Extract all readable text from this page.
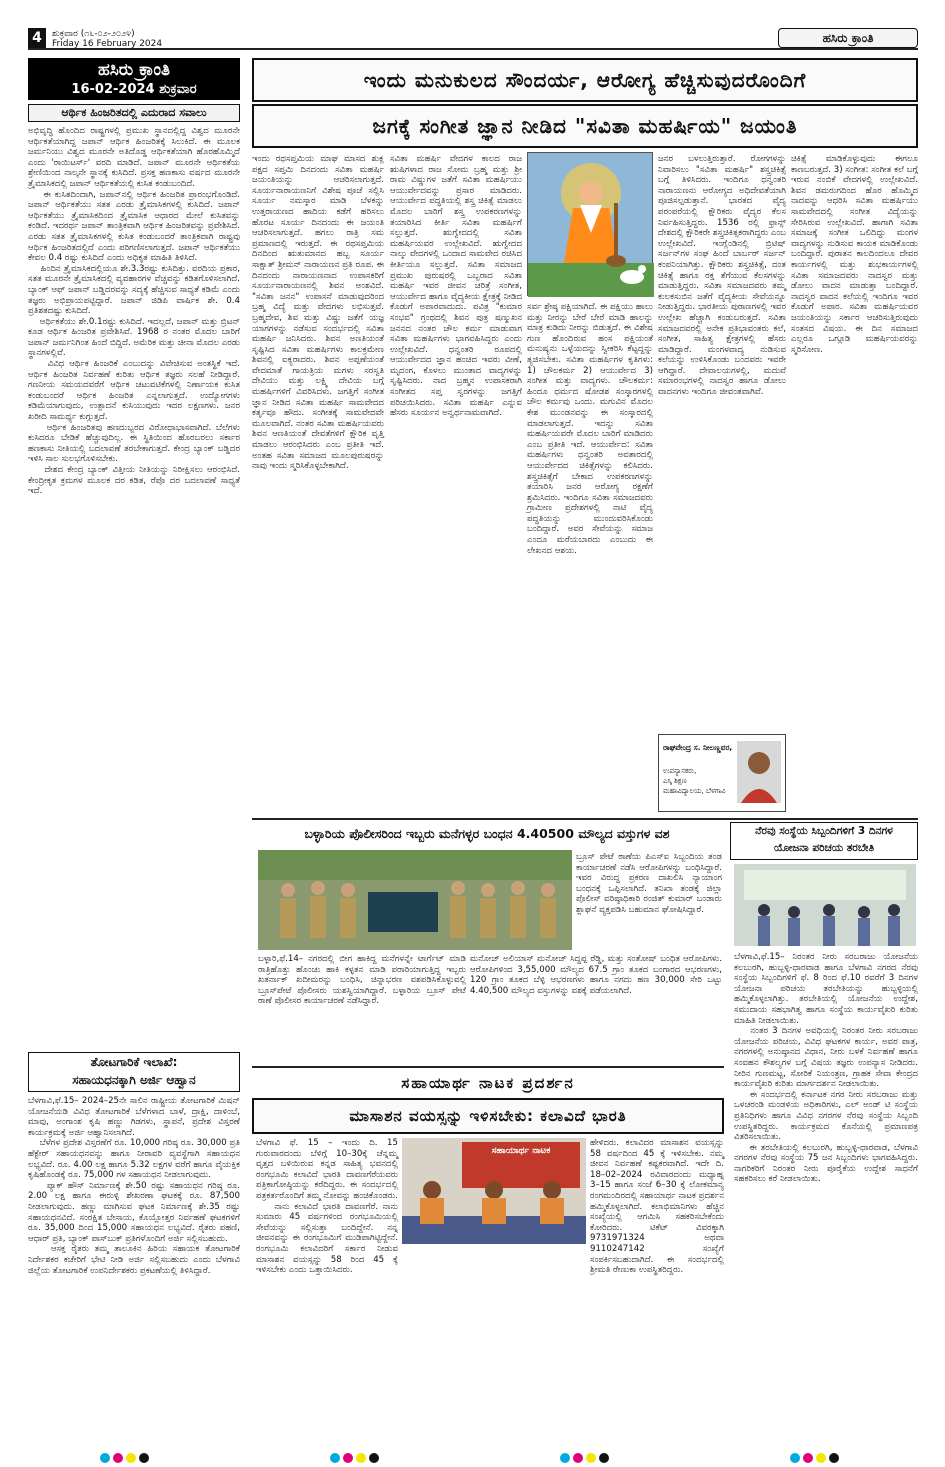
4	ಶುಕ್ರವಾರ (೧೬-೦೨-೨೦೨೪)
Friday 16 February 2024	ಹಸಿರು ಕ್ರಾಂತಿ
ಹಸಿರು ಕ್ರಾಂತಿ
16-02-2024 ಶುಕ್ರವಾರ
ಆರ್ಥಿಕ ಹಿಂಜರಿತದಲ್ಲಿ ಎದುರಾದ ಸವಾಲು
ಅಭಿವೃದ್ಧಿ ಹೊಂದಿದ ರಾಷ್ಟ್ರಗಳಲ್ಲಿ ಪ್ರಮುಖ ಸ್ಥಾನದಲ್ಲಿದ್ದ ವಿಶ್ವದ ಮೂರನೇ ಆರ್ಥಿಕತೆಯಾಗಿದ್ದ ಜಪಾನ್ ಆರ್ಥಿಕ ಹಿಂಜರಿತಕ್ಕೆ ಸಿಲುಕಿದೆ. ಈ ಮೂಲಕ ಜರ್ಮನಿಯು ವಿಶ್ವದ ಮೂರನೇ ಅತಿದೊಡ್ಡ ಆರ್ಥಿಕತೆಯಾಗಿ ಹೊರಹೊಮ್ಮಿದೆ ಎಂದು 'ರಾಯಿಟರ್ಸ್' ವರದಿ ಮಾಡಿದೆ. ಜಪಾನ್ ಮೂರನೇ ಆರ್ಥಿಕತೆಯ ಶ್ರೇಣಿಯಿಂದ ನಾಲ್ಕನೇ ಸ್ಥಾನಕ್ಕೆ ಕುಸಿದಿದೆ. ಪ್ರಸಕ್ತ ಹಣಕಾಸು ವರ್ಷದ ಮೂರನೇ ತ್ರೈಮಾಸಿಕದಲ್ಲಿ ಜಪಾನ್ ಆರ್ಥಿಕತೆಯಲ್ಲಿ ಕುಸಿತ ಕಂಡುಬಂದಿದೆ.
ಈ ಕುಸಿತದಿಂದಾಗಿ, ಜಪಾನ್‌ನಲ್ಲಿ ಆರ್ಥಿಕ ಹಿಂಜರಿತ ಪ್ರಾರಂಭಗೊಂಡಿದೆ. ಜಪಾನ್ ಆರ್ಥಿಕತೆಯು ಸತತ ಎರಡು ತ್ರೈಮಾಸಿಕಗಳಲ್ಲಿ ಕುಸಿದಿದೆ. ಜಪಾನ್ ಆರ್ಥಿಕತೆಯು ತ್ರೈಮಾಸಿಕದಿಂದ ತ್ರೈಮಾಸಿಕ ಆಧಾರದ ಮೇಲೆ ಕುಸಿತವನ್ನು ಕಂಡಿದೆ. ಇದರರ್ಥ ಜಪಾನ್ ತಾಂತ್ರಿಕವಾಗಿ ಆರ್ಥಿಕ ಹಿಂಜರಿತವನ್ನು ಪ್ರವೇಶಿಸಿದೆ. ಎರಡು ಸತತ ತ್ರೈಮಾಸಿಕಗಳಲ್ಲಿ ಕುಸಿತ ಕಂಡುಬಂದರೆ ತಾಂತ್ರಿಕವಾಗಿ ರಾಷ್ಟ್ರವು ಆರ್ಥಿಕ ಹಿಂಜರಿತದಲ್ಲಿದೆ ಎಂದು ಪರಿಗಣಿಸಲಾಗುತ್ತದೆ. ಜಪಾನ್ ಆರ್ಥಿಕತೆಯು ಕೇವಲ 0.4 ರಷ್ಟು ಕುಸಿದಿದೆ ಎಂದು ಅಧಿಕೃತ ಮಾಹಿತಿ ತಿಳಿಸಿದೆ.
ಹಿಂದಿನ ತ್ರೈಮಾಸಿಕದಲ್ಲಿಯೂ ಶೇ.3.3ರಷ್ಟು ಕುಸಿದಿತ್ತು. ವರದಿಯ ಪ್ರಕಾರ, ಸತತ ಮೂರನೇ ತ್ರೈಮಾಸಿಕದಲ್ಲಿ ವ್ಯವಹಾರಗಳ ವೆಚ್ಚವನ್ನು ಕಡಿತಗೊಳಿಸಲಾಗಿದೆ. ಬ್ಯಾಂಕ್ ಆಫ್ ಜಪಾನ್ ಬಡ್ಡಿದರವನ್ನು ಸದ್ಯಕ್ಕೆ ಹೆಚ್ಚಿಸುವ ಸಾಧ್ಯತೆ ಕಡಿಮೆ ಎಂದು ತಜ್ಞರು ಅಭಿಪ್ರಾಯಪಟ್ಟಿದ್ದಾರೆ. ಜಪಾನ್ ಜಿಡಿಪಿ ವಾರ್ಷಿಕ ಶೇ. 0.4 ಪ್ರತಿಶತದಷ್ಟು ಕುಸಿದಿದೆ.
ಆರ್ಥಿಕತೆಯು ಶೇ.0.1ರಷ್ಟು ಕುಸಿದಿದೆ. ಇದಲ್ಲದೆ, ಜಪಾನ್ ಮತ್ತು ಬ್ರಿಟನ್ ಕೂಡ ಆರ್ಥಿಕ ಹಿಂಜರಿತ ಪ್ರವೇಶಿಸಿವೆ. 1968 ರ ನಂತರ ಮೊದಲ ಬಾರಿಗೆ ಜಪಾನ್ ಜರ್ಮನಿಗಿಂತ ಹಿಂದೆ ಬಿದ್ದಿದೆ. ಅಮೆರಿಕ ಮತ್ತು ಚೀನಾ ಮೊದಲ ಎರಡು ಸ್ಥಾನಗಳಲ್ಲಿವೆ.
ವಿವಿಧ ಆರ್ಥಿಕ ಹಿಂಜರಿಕೆ ಎಂಬುದನ್ನು ವಿವೇಚಿಸುವ ಅಂತಸ್ಥಿಕೆ ಇದೆ. ಆರ್ಥಿಕ ಹಿಂಜರಿತ ನಿರ್ವಹಣೆ ಕುರಿತು ಆರ್ಥಿಕ ತಜ್ಞರು ಸಲಹೆ ನೀಡಿದ್ದಾರೆ. ಗಣನೀಯ ಸಮಯದವರೆಗೆ ಆರ್ಥಿಕ ಚಟುವಟಿಕೆಗಳಲ್ಲಿ ನಿರ್ಣಾಯಕ ಕುಸಿತ ಕಂಡುಬಂದರೆ ಆರ್ಥಿಕ ಹಿಂಜರಿತ ಎನ್ನಲಾಗುತ್ತದೆ. ಉದ್ಯೋಗಗಳು ಕಡಿಮೆಯಾಗುವುದು, ಉತ್ಪಾದನೆ ಕುಸಿಯುವುದು ಇದರ ಲಕ್ಷಣಗಳು. ಜನರ ಖರೀದಿ ಸಾಮರ್ಥ್ಯ ಕುಗ್ಗುತ್ತದೆ.
ಆರ್ಥಿಕ ಹಿಂಜರಿತವು ಹಣದುಬ್ಬರದ ವಿರೋಧಾಭಾಸವಾಗಿದೆ. ಬೆಲೆಗಳು ಕುಸಿದರೂ ಬೇಡಿಕೆ ಹೆಚ್ಚುವುದಿಲ್ಲ. ಈ ಸ್ಥಿತಿಯಿಂದ ಹೊರಬರಲು ಸರ್ಕಾರ ಹಣಕಾಸು ನೀತಿಯಲ್ಲಿ ಬದಲಾವಣೆ ತರಬೇಕಾಗುತ್ತದೆ. ಕೇಂದ್ರ ಬ್ಯಾಂಕ್ ಬಡ್ಡಿದರ ಇಳಿಸಿ ಸಾಲ ಸುಲಭಗೊಳಿಸಬೇಕು.
ದೇಶದ ಕೇಂದ್ರ ಬ್ಯಾಂಕ್ ವಿತ್ತೀಯ ನೀತಿಯನ್ನು ನಿರೀಕ್ಷಿಸಲು ಆರಂಭಿಸಿದೆ. ಕೇಂದ್ರೀಕೃತ ಕ್ರಮಗಳ ಮೂಲಕ ದರ ಕಡಿತ, ರೆಪೊ ದರ ಬದಲಾವಣೆ ಸಾಧ್ಯತೆ ಇದೆ.
ತೋಟಗಾರಿಕೆ ಇಲಾಖೆ:
ಸಹಾಯಧನಕ್ಕಾಗಿ ಅರ್ಜಿ ಆಹ್ವಾನ
ಬೆಳಗಾವಿ,ಫೆ.15– 2024–25ನೇ ಸಾಲಿನ ರಾಷ್ಟ್ರೀಯ ತೋಟಗಾರಿಕೆ ಮಿಷನ್ ಯೋಜನೆಯಡಿ ವಿವಿಧ ತೋಟಗಾರಿಕೆ ಬೆಳೆಗಳಾದ ಬಾಳೆ, ದ್ರಾಕ್ಷಿ, ದಾಳಿಂಬೆ, ಮಾವು, ಅಂಗಾಂಶ ಕೃಷಿ ಹಣ್ಣು ಗಿಡಗಳು, ಸ್ಥಾಪನೆ, ಪ್ರದೇಶ ವಿಸ್ತರಣೆ ಕಾರ್ಯಕ್ರಮಕ್ಕೆ ಅರ್ಜಿ ಆಹ್ವಾನಿಸಲಾಗಿದೆ.
ಬೆಳೆಗಳ ಪ್ರದೇಶ ವಿಸ್ತರಣೆಗೆ ರೂ. 10,000 ಗರಿಷ್ಠ ರೂ. 30,000 ಪ್ರತಿ ಹೆಕ್ಟೇರ್ ಸಹಾಯಧನವನ್ನು ಹಾಗೂ ನೀರಾವರಿ ವ್ಯವಸ್ಥೆಗಾಗಿ ಸಹಾಯಧನ ಲಭ್ಯವಿದೆ. ರೂ. 4.00 ಲಕ್ಷ ಹಾಗೂ 5.32 ಲಕ್ಷಗಳ ವರೆಗೆ ಹಾಗೂ ವೈಯಕ್ತಿಕ ಕೃಷಿಹೊಂಡಕ್ಕೆ ರೂ. 75,000 ಗಳ ಸಹಾಯಧನ ನೀಡಲಾಗುವುದು.
ಪ್ಯಾಕ್ ಹೌಸ್ ನಿರ್ಮಾಣಕ್ಕೆ ಶೇ.50 ರಷ್ಟು ಸಹಾಯಧನ ಗರಿಷ್ಠ ರೂ. 2.00 ಲಕ್ಷ ಹಾಗೂ ಈರುಳ್ಳಿ ಶೇಖರಣಾ ಘಟಕಕ್ಕೆ ರೂ. 87,500 ನೀಡಲಾಗುವುದು. ಹಣ್ಣು ಮಾಗಿಸುವ ಘಟಕ ನಿರ್ಮಾಣಕ್ಕೆ ಶೇ.35 ರಷ್ಟು ಸಹಾಯಧನವಿದೆ. ಸಂರಕ್ಷಿತ ಬೇಸಾಯ, ಕೊಯ್ಲೋತ್ತರ ನಿರ್ವಹಣೆ ಘಟಕಗಳಿಗೆ ರೂ. 35,000 ದಿಂದ 15,000 ಸಹಾಯಧನ ಲಭ್ಯವಿದೆ. ರೈತರು ಪಹಣಿ, ಆಧಾರ್ ಪ್ರತಿ, ಬ್ಯಾಂಕ್ ಪಾಸ್‌ಬುಕ್ ಪ್ರತಿಗಳೊಂದಿಗೆ ಅರ್ಜಿ ಸಲ್ಲಿಸಬಹುದು.
ಆಸಕ್ತ ರೈತರು ತಮ್ಮ ತಾಲೂಕಿನ ಹಿರಿಯ ಸಹಾಯಕ ತೋಟಗಾರಿಕೆ ನಿರ್ದೇಶಕರ ಕಚೇರಿಗೆ ಭೇಟಿ ನೀಡಿ ಅರ್ಜಿ ಸಲ್ಲಿಸಬಹುದು ಎಂದು ಬೆಳಗಾವಿ ಜಿಲ್ಲೆಯ ತೋಟಗಾರಿಕೆ ಉಪನಿರ್ದೇಶಕರು ಪ್ರಕಟಣೆಯಲ್ಲಿ ತಿಳಿಸಿದ್ದಾರೆ.
ಇಂದು ಮನುಕುಲದ ಸೌಂದರ್ಯ, ಆರೋಗ್ಯ ಹೆಚ್ಚಿಸುವುದರೊಂದಿಗೆ
ಜಗಕ್ಕೆ ಸಂಗೀತ ಜ್ಞಾನ ನೀಡಿದ "ಸವಿತಾ ಮಹರ್ಷಿಯ" ಜಯಂತಿ
ಇಂದು ರಥಸಪ್ತಮಿಯ ಮಾಘ ಮಾಸದ ಶುಕ್ಲ ಪಕ್ಷದ ಸಪ್ತಮಿ ದಿನದಂದು ಸವಿತಾ ಮಹರ್ಷಿ ಜಯಂತಿಯನ್ನು ಆಚರಿಸಲಾಗುತ್ತದೆ. ಸೂರ್ಯನಾರಾಯಣನಿಗೆ ವಿಶೇಷ ಪೂಜೆ ಸಲ್ಲಿಸಿ ಸೂರ್ಯ ನಮಸ್ಕಾರ ಮಾಡಿ ಬೆಳಕನ್ನು ಉತ್ತರಾಯಣದ ಹಾದಿಯ ಕಡೆಗೆ ಹರಿಸಲು ಹೊರಟ ಸೂರ್ಯ ದಿನದಂದು ಈ ಜಯಂತಿ ಆಚರಿಸಲಾಗುತ್ತದೆ. ಹಗಲು ರಾತ್ರಿ ಸಮ ಪ್ರಮಾಣದಲ್ಲಿ ಇರುತ್ತದೆ. ಈ ರಥಸಪ್ತಮಿಯ ದಿನದಿಂದ ಋತುಮಾನದ ಹಬ್ಬ ಸೂರ್ಯ ಸಾಕ್ಷಾತ್ ಶ್ರೀಮನ್ ನಾರಾಯಣನ ಪ್ರತಿ ರೂಪ. ಈ ದಿನದಂದು ನಾರಾಯಣನಾದ ಉಪಾಸಕರಿಗೆ ಸೂರ್ಯನಾರಾಯಣನಲ್ಲಿ ಶಿವನ ಅಂಶವಿದೆ. "ಸವಿತಾ ಜನನ" ಉಪಾಸನೆ ಮಾಡುವುದರಿಂದ ಬ್ರಹ್ಮ ವಿದ್ಯೆ ಮತ್ತು ವೇದಗಳು ಲಭಿಸುತ್ತವೆ. ಬ್ರಹ್ಮದೇವ, ಶಿವ ಮತ್ತು ವಿಷ್ಣು ಜತೆಗೆ ಯಜ್ಞ ಯಾಗಗಳನ್ನು ನಡೆಸುವ ಸಂದರ್ಭದಲ್ಲಿ ಸವಿತಾ ಮಹರ್ಷಿ ಜನಿಸಿದರು. ಶಿವನ ಅಣತಿಯಂತೆ ಸೃಷ್ಟಿಸಿದ ಸವಿತಾ ಮಹರ್ಷಿಗಳು ಕಾಲಕ್ರಮೇಣ ಶಿವನಲ್ಲಿ ಐಕ್ಯರಾದರು. ಶಿವನ ಅಪ್ಪಣೆಯಂತೆ ವೇದಮಾತೆ ಗಾಯತ್ರಿಯ ಮಗಳು ಸರಸ್ವತಿ ದೇವಿಯು ಮತ್ತು ಲಕ್ಷ್ಮಿ ದೇವಿಯ ಬಗ್ಗೆ ಮಹರ್ಷಿಗಳಿಗೆ ವಿವರಿಸಿದಳು. ಜಗತ್ತಿಗೆ ಸಂಗೀತ ಜ್ಞಾನ ನೀಡಿದ ಸವಿತಾ ಮಹರ್ಷಿ ಸಾಮವೇದದ ಕರ್ತೃವೂ ಹೌದು. ಸಂಗೀತಕ್ಕೆ ಸಾಮವೇದವೇ ಮೂಲವಾಗಿದೆ. ನಂತರ ಸವಿತಾ ಮಹರ್ಷಿಯವರು ಶಿವನ ಆಣತಿಯಂತೆ ದೇವತೆಗಳಿಗೆ ಕ್ಷೌರಿಕ ವೃತ್ತಿ ಮಾಡಲು ಆರಂಭಿಸಿದರು ಎಂಬ ಪ್ರತೀತಿ ಇದೆ. ಅಂತಹ ಸವಿತಾ ಸಮಾಜದ ಮೂಲಪುರುಷರನ್ನು ನಾವು ಇಂದು ಸ್ಮರಿಸಿಕೊಳ್ಳಬೇಕಾಗಿದೆ.
ಸವಿತಾ ಮಹರ್ಷಿ ವೇದಗಳ ಕಾಲದ ರಾಜ ಋಷಿಗಳಾದ ರಾಜ ಸೋಮ ಬ್ರಹ್ಮ ಮತ್ತು ಶ್ರೀ ರಾಮ ವಿಷ್ಣುಗಳ ಜತೆಗೆ ಸವಿತಾ ಮಹರ್ಷಿಯು ಆಯುರ್ವೇದವನ್ನು ಪ್ರಸಾರ ಮಾಡಿದರು. ಆಯುರ್ವೇದ ಪದ್ಧತಿಯಲ್ಲಿ ಶಸ್ತ್ರ ಚಿಕಿತ್ಸೆ ಮಾಡಲು ಮೊದಲ ಬಾರಿಗೆ ಶಸ್ತ್ರ ಉಪಕರಣಗಳನ್ನು ತಯಾರಿಸಿದ ಕೀರ್ತಿ ಸವಿತಾ ಮಹರ್ಷಿಗೆ ಸಲ್ಲುತ್ತದೆ. ಋಗ್ವೇದದಲ್ಲಿ ಸವಿತಾ ಮಹರ್ಷಿಯವರ ಉಲ್ಲೇಖವಿದೆ. ಋಗ್ವೇದದ ನಾಲ್ಕು ವೇದಗಳಲ್ಲಿ ಒಂದಾದ ಸಾಮವೇದ ರಚಿಸಿದ ಕೀರ್ತಿಯೂ ಸಲ್ಲುತ್ತದೆ. ಸವಿತಾ ಸಮಾಜದ ಪ್ರಮುಖ ಪುರುಷರಲ್ಲಿ ಒಬ್ಬರಾದ ಸವಿತಾ ಮಹರ್ಷಿ ಇವರ ಜೀವನ ಚರಿತ್ರೆ ಸಂಗೀತ, ಆಯುರ್ವೇದ ಹಾಗೂ ವೈದ್ಯಕೀಯ ಕ್ಷೇತ್ರಕ್ಕೆ ನೀಡಿದ ಕೊಡುಗೆ ಅಪಾರವಾದುದು. ಪವಿತ್ರ "ಕುಮಾರ ಸಂಭವ" ಗ್ರಂಥದಲ್ಲಿ ಶಿವನ ಪುತ್ರ ಷಣ್ಮುಖನ ಜನನದ ನಂತರ ಚೌಲ ಕರ್ಮ ಮಾಡುವಾಗ ಸವಿತಾ ಮಹರ್ಷಿಗಳು ಭಾಗವಹಿಸಿದ್ದರು ಎಂದು ಉಲ್ಲೇಖವಿದೆ. ಧನ್ವಂತರಿ ರೂಪದಲ್ಲಿ ಆಯುರ್ವೇದದ ಜ್ಞಾನ ಹಂಚಿದ ಇವರು ವೀಣೆ, ಮೃದಂಗ, ಕೊಳಲು ಮುಂತಾದ ವಾದ್ಯಗಳನ್ನು ಸೃಷ್ಟಿಸಿದರು. ನಾದ ಬ್ರಹ್ಮನ ಉಪಾಸಕರಾಗಿ ಸಂಗೀತದ ಸಪ್ತ ಸ್ವರಗಳನ್ನು ಜಗತ್ತಿಗೆ ಪರಿಚಯಿಸಿದರು. ಸವಿತಾ ಮಹರ್ಷಿ ಎನ್ನುವ ಹೆಸರು ಸೂರ್ಯನ ಅನ್ವರ್ಥನಾಮವಾಗಿದೆ.
ಸರ್ವ ಶ್ರೇಷ್ಠ ಪಕ್ಷಿಯಾಗಿದೆ. ಈ ಪಕ್ಷಿಯು ಹಾಲು ಮತ್ತು ನೀರನ್ನು ಬೇರೆ ಬೇರೆ ಮಾಡಿ ಹಾಲನ್ನು ಮಾತ್ರ ಕುಡಿದು ನೀರನ್ನು ಬಿಡುತ್ತದೆ. ಈ ವಿಶೇಷ ಗುಣ ಹೊಂದಿರುವ ಹಂಸ ಪಕ್ಷಿಯಂತೆ ಮನುಷ್ಯನು ಒಳ್ಳೆಯದನ್ನು ಸ್ವೀಕರಿಸಿ ಕೆಟ್ಟದ್ದನ್ನು ತ್ಯಜಿಸಬೇಕು. ಸವಿತಾ ಮಹರ್ಷಿಗಳ ಕೃತಿಗಳು: 1) ಚೌಲಕರ್ಮ 2) ಆಯುರ್ವೇದ 3) ಸಂಗೀತ ಮತ್ತು ವಾದ್ಯಗಳು. ಚೌಲಕರ್ಮ: ಹಿಂದೂ ಧರ್ಮದ ಷೋಡಶ ಸಂಸ್ಕಾರಗಳಲ್ಲಿ ಚೌಲ ಕರ್ಮವು ಒಂದು. ಮಗುವಿನ ಮೊದಲ ಕೇಶ ಮುಂಡನವನ್ನು ಈ ಸಂಸ್ಕಾರದಲ್ಲಿ ಮಾಡಲಾಗುತ್ತದೆ. ಇದನ್ನು ಸವಿತಾ ಮಹರ್ಷಿಯವರೇ ಮೊದಲ ಬಾರಿಗೆ ಮಾಡಿದರು ಎಂಬ ಪ್ರತೀತಿ ಇದೆ. ಆಯುರ್ವೇದ: ಸವಿತಾ ಮಹರ್ಷಿಗಳು ಧನ್ವಂತರಿ ಅವತಾರದಲ್ಲಿ ಆಯುರ್ವೇದದ ಚಿಕಿತ್ಸೆಗಳನ್ನು ಕಲಿಸಿದರು. ಶಸ್ತ್ರಚಿಕಿತ್ಸೆಗೆ ಬೇಕಾದ ಉಪಕರಣಗಳನ್ನು ತಯಾರಿಸಿ ಜನರ ಆರೋಗ್ಯ ರಕ್ಷಣೆಗೆ ಶ್ರಮಿಸಿದರು. ಇಂದಿಗೂ ಸವಿತಾ ಸಮಾಜದವರು ಗ್ರಾಮೀಣ ಪ್ರದೇಶಗಳಲ್ಲಿ ನಾಟಿ ವೈದ್ಯ ಪದ್ಧತಿಯನ್ನು ಮುಂದುವರಿಸಿಕೊಂಡು ಬಂದಿದ್ದಾರೆ. ಅವರ ಸೇವೆಯನ್ನು ಸಮಾಜ ಎಂದೂ ಮರೆಯಬಾರದು ಎಂಬುದು ಈ ಲೇಖನದ ಆಶಯ.
ಜನರ ಬಳಲುತ್ತಿರುತ್ತಾರೆ. ರೋಗಗಳನ್ನು ನಿವಾರಿಸಲು "ಸವಿತಾ ಮಹರ್ಷಿ" ಶಸ್ತ್ರಚಿಕಿತ್ಸೆ ಬಗ್ಗೆ ತಿಳಿಸಿದರು. ಇಂದಿಗೂ ಧನ್ವಂತರಿ ನಾರಾಯಣನು ಆರೋಗ್ಯದ ಅಧಿದೇವತೆಯಾಗಿ ಪೂಜಿಸಲ್ಪಡುತ್ತಾನೆ. ಭಾರತದ ವೈದ್ಯ ಪರಂಪರೆಯಲ್ಲಿ ಕ್ಷೌರಿಕರು ವೈದ್ಯರ ಕೆಲಸ ನಿರ್ವಹಿಸುತ್ತಿದ್ದರು. 1536 ರಲ್ಲಿ ಫ್ರಾನ್ಸ್ ದೇಶದಲ್ಲಿ ಕ್ಷೌರಿಕರೇ ಶಸ್ತ್ರಚಿಕಿತ್ಸಕರಾಗಿದ್ದರು ಎಂಬ ಉಲ್ಲೇಖವಿದೆ. ಇಂಗ್ಲೆಂಡಿನಲ್ಲಿ ಬ್ರಿಟಿಷ್ ಸರ್ಜನ್‌ಗಳ ಸಂಘ ಹಿಂದೆ ಬಾರ್ಬರ್ ಸರ್ಜನ್ ಕಂಪನಿಯಾಗಿತ್ತು. ಕ್ಷೌರಿಕರು ಶಸ್ತ್ರಚಿಕಿತ್ಸೆ, ದಂತ ಚಿಕಿತ್ಸೆ ಹಾಗೂ ರಕ್ತ ತೆಗೆಯುವ ಕೆಲಸಗಳನ್ನು ಮಾಡುತ್ತಿದ್ದರು. ಸವಿತಾ ಸಮಾಜದವರು ತಮ್ಮ ಕುಲಕಸುಬಿನ ಜತೆಗೆ ವೈದ್ಯಕೀಯ ಸೇವೆಯನ್ನೂ ನೀಡುತ್ತಿದ್ದರು. ಭಾರತೀಯ ಪುರಾಣಗಳಲ್ಲಿ ಇವರ ಉಲ್ಲೇಖ ಹೆಚ್ಚಾಗಿ ಕಂಡುಬರುತ್ತದೆ. ಸವಿತಾ ಸಮಾಜದವರಲ್ಲಿ ಅನೇಕ ಪ್ರತಿಭಾವಂತರು ಕಲೆ, ಸಂಗೀತ, ಸಾಹಿತ್ಯ ಕ್ಷೇತ್ರಗಳಲ್ಲಿ ಹೆಸರು ಮಾಡಿದ್ದಾರೆ. ಮಂಗಳವಾದ್ಯ ನುಡಿಸುವ ಕಲೆಯನ್ನು ಉಳಿಸಿಕೊಂಡು ಬಂದವರು ಇವರೇ ಆಗಿದ್ದಾರೆ. ದೇವಾಲಯಗಳಲ್ಲಿ, ಮದುವೆ ಸಮಾರಂಭಗಳಲ್ಲಿ ನಾದಸ್ವರ ಹಾಗೂ ಡೋಲು ವಾದನಗಳು ಇಂದಿಗೂ ಜೀವಂತವಾಗಿವೆ.
ಚಿಕಿತ್ಸೆ ಮಾಡಿಕೊಳ್ಳುವುದು ಈಗಲೂ ಕಾಣಬರುತ್ತದೆ. 3) ಸಂಗೀತ: ಸಂಗೀತ ಕಲೆ ಬಗ್ಗೆ ಇರುವ ನಂಬಿಕೆ ವೇದಗಳಲ್ಲಿ ಉಲ್ಲೇಖವಿದೆ. ಶಿವನ ಡಮರುಗದಿಂದ ಹೊರ ಹೊಮ್ಮಿದ ನಾದವನ್ನು ಆಧರಿಸಿ ಸವಿತಾ ಮಹರ್ಷಿಯು ಸಾಮವೇದದಲ್ಲಿ ಸಂಗೀತ ವಿದ್ಯೆಯನ್ನು ಸೇರಿಸಿರುವ ಉಲ್ಲೇಖವಿದೆ. ಹಾಗಾಗಿ ಸವಿತಾ ಸಮಾಜಕ್ಕೆ ಸಂಗೀತ ಒಲಿದಿದ್ದು ಮಂಗಳ ವಾದ್ಯಗಳನ್ನು ನುಡಿಸುವ ಕಾಯಕ ಮಾಡಿಕೊಂಡು ಬಂದಿದ್ದಾರೆ. ಪುರಾತನ ಕಾಲದಿಂದಲೂ ದೇವರ ಕಾರ್ಯಗಳಲ್ಲಿ ಮತ್ತು ಶುಭಕಾರ್ಯಗಳಲ್ಲಿ ಸವಿತಾ ಸಮಾಜದವರು ನಾದಸ್ವರ ಮತ್ತು ಡೋಲು ವಾದನ ಮಾಡುತ್ತಾ ಬಂದಿದ್ದಾರೆ. ನಾದಸ್ವರ ವಾದನ ಕಲೆಯಲ್ಲಿ ಇಂದಿಗೂ ಇವರ ಕೊಡುಗೆ ಅಪಾರ. ಸವಿತಾ ಮಹರ್ಷಿಯವರ ಜಯಂತಿಯನ್ನು ಸರ್ಕಾರ ಆಚರಿಸುತ್ತಿರುವುದು ಸಂತಸದ ವಿಷಯ. ಈ ದಿನ ಸಮಾಜದ ಎಲ್ಲರೂ ಒಗ್ಗೂಡಿ ಮಹರ್ಷಿಯವರನ್ನು ಸ್ಮರಿಸೋಣ.
ರಾಘವೇಂದ್ರ ಸ. ನೀಲಣ್ಣವರ,
ಉಪನ್ಯಾಸಕರು,
ಎಸ್ಕಿ ಶಿಕ್ಷಣ
ಮಹಾವಿದ್ಯಾಲಯ, ಬೆಳಗಾವಿ
ಬಳ್ಳಾರಿಯ ಪೊಲೀಸರಿಂದ ಇಬ್ಬರು ಮನೆಗಳ್ಳರ ಬಂಧನ 4.40500 ಮೌಲ್ಯದ ವಸ್ತುಗಳ ವಶ
ಬ್ರೂಸ್ ಪೇಟೆ ಠಾಣೆಯ ಪಿಎಸ್ಐ ಸಿಬ್ಬಂದಿಯ ತಂಡ ಕಾರ್ಯಾಚರಣೆ ನಡೆಸಿ ಆರೋಪಿಗಳನ್ನು ಬಂಧಿಸಿದ್ದಾರೆ. ಇವರ ವಿರುದ್ಧ ಪ್ರಕರಣ ದಾಖಲಿಸಿ ನ್ಯಾಯಾಂಗ ಬಂಧನಕ್ಕೆ ಒಪ್ಪಿಸಲಾಗಿದೆ. ತನಿಖಾ ತಂಡಕ್ಕೆ ಜಿಲ್ಲಾ ಪೊಲೀಸ್ ವರಿಷ್ಠಾಧಿಕಾರಿ ರಂಜಿತ್ ಕುಮಾರ್ ಬಂಡಾರು ಶ್ಲಾಘನೆ ವ್ಯಕ್ತಪಡಿಸಿ ಬಹುಮಾನ ಘೋಷಿಸಿದ್ದಾರೆ.
ಬಳ್ಳಾರಿ,ಫೆ.14– ನಗರದಲ್ಲಿ ಬೀಗ ಹಾಕಿದ್ದ ಮನೆಗಳನ್ನೇ ಟಾರ್ಗೆಟ್ ಮಾಡಿ ರಾತ್ರಿಹೊತ್ತು ಹೊಂಚು ಹಾಕಿ ಕಳ್ಳತನ ಮಾಡಿ ಪರಾರಿಯಾಗುತ್ತಿದ್ದ ಇಬ್ಬರು ಖತರ್ನಾಕ್ ಖದೀಮರನ್ನು ಬಂಧಿಸಿ, ಚಿನ್ನಾಭರಣ ವಶಪಡಿಸಿಕೊಳ್ಳುವಲ್ಲಿ ಬ್ರೂಸ್‌ಪೇಟೆ ಪೊಲೀಸರು ಯಶಸ್ವಿಯಾಗಿದ್ದಾರೆ. ಬಳ್ಳಾರಿಯ ಬ್ರೂಸ್ ಪೇಟೆ ಠಾಣೆ ಪೊಲೀಸರ ಕಾರ್ಯಾಚರಣೆ ನಡೆಸಿದ್ದಾರೆ.
ಮನೋಜ್ ಅಲಿಯಾಸ್ ಮನೋಜ್ ಸಿದ್ದಪ್ಪ ರೆಡ್ಡಿ, ಮತ್ತು ಸಂತೋಷ್ ಬಂಧಿತ ಆರೋಪಿಗಳು. ಆರೋಪಿಗಳಿಂದ 3,55,000 ಮೌಲ್ಯದ 67.5 ಗ್ರಾಂ ತೂಕದ ಬಂಗಾರದ ಆಭರಣಗಳು, 120 ಗ್ರಾಂ ತೂಕದ ಬೆಳ್ಳಿ ಆಭರಣಗಳು ಹಾಗೂ ನಗದು ಹಣ 30,000 ಸೇರಿ ಒಟ್ಟು 4.40,500 ಮೌಲ್ಯದ ವಸ್ತುಗಳನ್ನು ವಶಕ್ಕೆ ಪಡೆಯಲಾಗಿದೆ.
ನೆರವು ಸಂಸ್ಥೆಯ ಸಿಬ್ಬಂದಿಗಳಿಗೆ 3 ದಿನಗಳ
ಯೋಜನಾ ಪರಿಚಯ ತರಬೇತಿ
ಬೆಳಗಾವಿ,ಫೆ.15– ನಿರಂತರ ನೀರು ಸರಬರಾಜು ಯೋಜನೆಯ ಕಲಬುರಗಿ, ಹುಬ್ಬಳ್ಳಿ-ಧಾರವಾಡ ಹಾಗೂ ಬೆಳಗಾವಿ ನಗರದ ನೆರವು ಸಂಸ್ಥೆಯ ಸಿಬ್ಬಂದಿಗಳಿಗೆ ಫೆ. 8 ರಿಂದ ಫೆ.10 ರವರೆಗೆ 3 ದಿನಗಳ ಯೋಜನಾ ಪರಿಚಯ ತರಬೇತಿಯನ್ನು ಹುಬ್ಬಳ್ಳಿಯಲ್ಲಿ ಹಮ್ಮಿಕೊಳ್ಳಲಾಗಿತ್ತು. ತರಬೇತಿಯಲ್ಲಿ ಯೋಜನೆಯ ಉದ್ದೇಶ, ಸಮುದಾಯ ಸಹಭಾಗಿತ್ವ ಹಾಗೂ ಸಂಸ್ಥೆಯ ಕಾರ್ಯವೈಖರಿ ಕುರಿತು ಮಾಹಿತಿ ನೀಡಲಾಯಿತು.
ನಂತರ 3 ದಿನಗಳ ಅವಧಿಯಲ್ಲಿ ನಿರಂತರ ನೀರು ಸರಬರಾಜು ಯೋಜನೆಯ ಪರಿಚಯ, ವಿವಿಧ ಘಟಕಗಳ ಕಾರ್ಯ, ಅವರ ಪಾತ್ರ, ನಗರಗಳಲ್ಲಿ ಅನುಷ್ಠಾನದ ವಿಧಾನ, ನೀರು ಬಳಕೆ ನಿರ್ವಹಣೆ ಹಾಗೂ ಸಂವಹನ ಕೌಶಲ್ಯಗಳ ಬಗ್ಗೆ ವಿಷಯ ತಜ್ಞರು ಉಪನ್ಯಾಸ ನೀಡಿದರು. ನೀರಿನ ಗುಣಮಟ್ಟ, ಸೋರಿಕೆ ನಿಯಂತ್ರಣ, ಗ್ರಾಹಕ ಸೇವಾ ಕೇಂದ್ರದ ಕಾರ್ಯವೈಖರಿ ಕುರಿತು ಮಾರ್ಗದರ್ಶನ ನೀಡಲಾಯಿತು.
ಈ ಸಂದರ್ಭದಲ್ಲಿ ಕರ್ನಾಟಕ ನಗರ ನೀರು ಸರಬರಾಜು ಮತ್ತು ಒಳಚರಂಡಿ ಮಂಡಳಿಯ ಅಧಿಕಾರಿಗಳು, ಎಲ್ ಅಂಡ್ ಟಿ ಸಂಸ್ಥೆಯ ಪ್ರತಿನಿಧಿಗಳು ಹಾಗೂ ವಿವಿಧ ನಗರಗಳ ನೆರವು ಸಂಸ್ಥೆಯ ಸಿಬ್ಬಂದಿ ಉಪಸ್ಥಿತರಿದ್ದರು. ಕಾರ್ಯಕ್ರಮದ ಕೊನೆಯಲ್ಲಿ ಪ್ರಮಾಣಪತ್ರ ವಿತರಿಸಲಾಯಿತು.
ಈ ತರಬೇತಿಯಲ್ಲಿ ಕಲಬುರಗಿ, ಹುಬ್ಬಳ್ಳಿ-ಧಾರವಾಡ, ಬೆಳಗಾವಿ ನಗರಗಳ ನೆರವು ಸಂಸ್ಥೆಯ 75 ಜನ ಸಿಬ್ಬಂದಿಗಳು ಭಾಗವಹಿಸಿದ್ದರು. ನಾಗರಿಕರಿಗೆ ನಿರಂತರ ನೀರು ಪೂರೈಕೆಯ ಉದ್ದೇಶ ಸಾಧನೆಗೆ ಸಹಕರಿಸಲು ಕರೆ ನೀಡಲಾಯಿತು.
ಸಹಾಯಾರ್ಥ ನಾಟಕ ಪ್ರದರ್ಶನ
ಮಾಸಾಶನ ವಯಸ್ಸನ್ನು ಇಳಿಸಬೇಕು: ಕಲಾವಿದೆ ಭಾರತಿ
ಬೆಳಗಾವಿ ಫೆ. 15 – ಇಂದು ದಿ. 15 ಗುರುವಾರದಂದು ಬೆಳಿಗ್ಗೆ 10–30ಕ್ಕೆ ಚೆನ್ನಮ್ಮ ವೃತ್ತದ ಬಳಿಯಿರುವ ಕನ್ನಡ ಸಾಹಿತ್ಯ ಭವನದಲ್ಲಿ ರಂಗಭೂಮಿ ಕಲಾವಿದೆ ಭಾರತಿ ದಾವಣಗೆರೆಯವರು ಪತ್ರಿಕಾಗೋಷ್ಠಿಯನ್ನು ಕರೆದಿದ್ದರು. ಈ ಸಂದರ್ಭದಲ್ಲಿ ಪತ್ರಕರ್ತರೊಂದಿಗೆ ತಮ್ಮ ನೋವನ್ನು ಹಂಚಿಕೊಂಡರು.
ನಾನು ಕಲಾವಿದೆ ಭಾರತಿ ದಾವಣಗೆರೆ. ನಾನು ಸುಮಾರು 45 ವರ್ಷಗಳಿಂದ ರಂಗಭೂಮಿಯಲ್ಲಿ ಸೇವೆಯನ್ನು ಸಲ್ಲಿಸುತ್ತಾ ಬಂದಿದ್ದೇನೆ. ನನ್ನ ಜೀವನವನ್ನು ಈ ರಂಗಭೂಮಿಗೆ ಮುಡಿಪಾಗಿಟ್ಟಿದ್ದೇನೆ. ರಂಗಭೂಮಿ ಕಲಾವಿದರಿಗೆ ಸರ್ಕಾರ ನೀಡುವ ಮಾಸಾಶನ ವಯಸ್ಸನ್ನು 58 ರಿಂದ 45 ಕ್ಕೆ ಇಳಿಸಬೇಕು ಎಂದು ಒತ್ತಾಯಿಸಿದರು.
ಸಹಾಯಾರ್ಥ ನಾಟಕ
ಹೇಳಿದರು. ಕಲಾವಿದರ ಮಾಸಾಶನ ವಯಸ್ಸನ್ನು 58 ವರ್ಷದಿಂದ 45 ಕ್ಕೆ ಇಳಿಸಬೇಕು. ನಮ್ಮ ಜೀವನ ನಿರ್ವಹಣೆ ಕಷ್ಟಕರವಾಗಿದೆ. ಇದೇ ದಿ. 18–02–2024 ರವಿವಾರದಂದು ಮಧ್ಯಾಹ್ನ 3–15 ಹಾಗೂ ಸಂಜೆ 6–30 ಕ್ಕೆ ಲೋಕಮಾನ್ಯ ರಂಗಮಂದಿರದಲ್ಲಿ ಸಹಾಯಾರ್ಥ ನಾಟಕ ಪ್ರದರ್ಶನ ಹಮ್ಮಿಕೊಳ್ಳಲಾಗಿದೆ. ಕಲಾಭಿಮಾನಿಗಳು ಹೆಚ್ಚಿನ ಸಂಖ್ಯೆಯಲ್ಲಿ ಆಗಮಿಸಿ ಸಹಕರಿಸಬೇಕೆಂದು ಕೋರಿದರು. ಟಿಕೆಟ್ ವಿವರಕ್ಕಾಗಿ 9731971324 ಅಥವಾ 9110247142 ಸಂಖ್ಯೆಗೆ ಸಂಪರ್ಕಿಸಬಹುದಾಗಿದೆ. ಈ ಸಂದರ್ಭದಲ್ಲಿ ಶ್ರೀಮತಿ ರೇಣುಕಾ ಉಪಸ್ಥಿತರಿದ್ದರು.
